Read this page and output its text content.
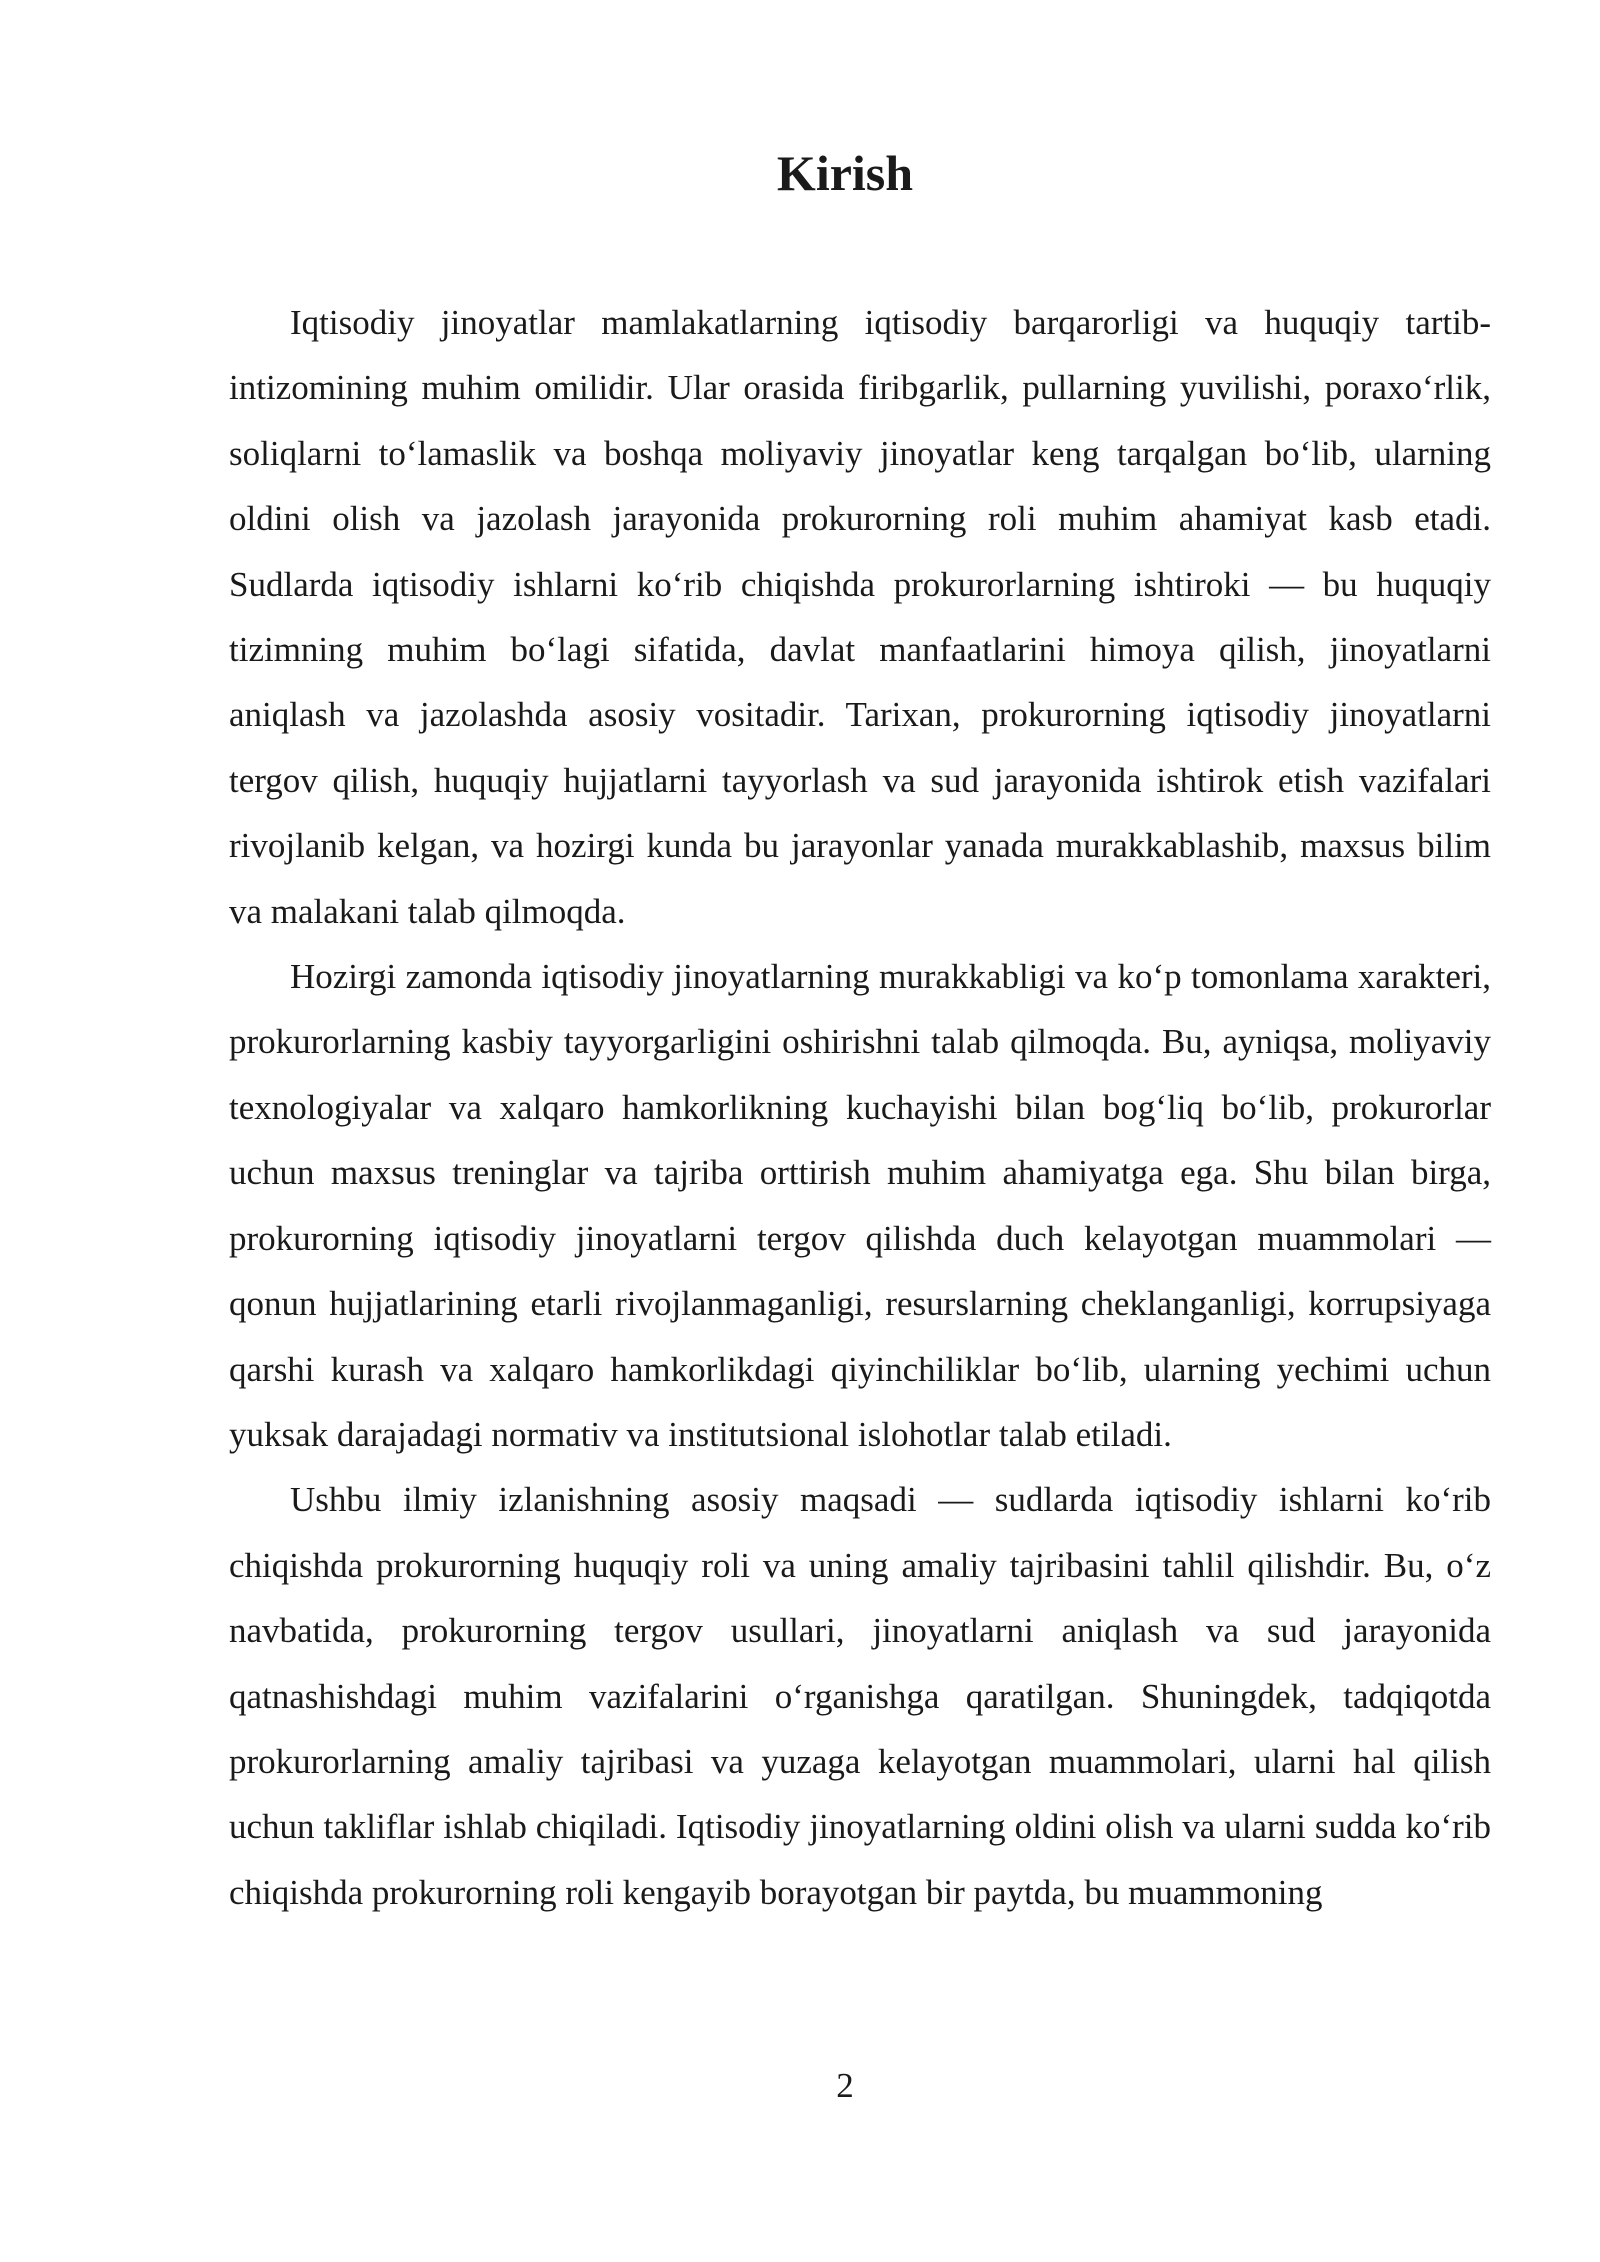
Kirish

Iqtisodiy jinoyatlar mamlakatlarning iqtisodiy barqarorligi va huquqiy tartib-intizomining muhim omilidir. Ular orasida firibgarlik, pullarning yuvilishi, poraxo‘rlik, soliqlarni to‘lamaslik va boshqa moliyaviy jinoyatlar keng tarqalgan bo‘lib, ularning oldini olish va jazolash jarayonida prokurorning roli muhim ahamiyat kasb etadi. Sudlarda iqtisodiy ishlarni ko‘rib chiqishda prokurorlarning ishtiroki — bu huquqiy tizimning muhim bo‘lagi sifatida, davlat manfaatlarini himoya qilish, jinoyatlarni aniqlash va jazolashda asosiy vositadir. Tarixan, prokurorning iqtisodiy jinoyatlarni tergov qilish, huquqiy hujjatlarni tayyorlash va sud jarayonida ishtirok etish vazifalari rivojlanib kelgan, va hozirgi kunda bu jarayonlar yanada murakkablashib, maxsus bilim va malakani talab qilmoqda.

Hozirgi zamonda iqtisodiy jinoyatlarning murakkabligi va ko‘p tomonlama xarakteri, prokurorlarning kasbiy tayyorgarligini oshirishni talab qilmoqda. Bu, ayniqsa, moliyaviy texnologiyalar va xalqaro hamkorlikning kuchayishi bilan bog‘liq bo‘lib, prokurorlar uchun maxsus treninglar va tajriba orttirish muhim ahamiyatga ega. Shu bilan birga, prokurorning iqtisodiy jinoyatlarni tergov qilishda duch kelayotgan muammolari — qonun hujjatlarining etarli rivojlanmaganligi, resurslarning cheklanganligi, korrupsiyaga qarshi kurash va xalqaro hamkorlikdagi qiyinchiliklar bo‘lib, ularning yechimi uchun yuksak darajadagi normativ va institutsional islohotlar talab etiladi.

Ushbu ilmiy izlanishning asosiy maqsadi — sudlarda iqtisodiy ishlarni ko‘rib chiqishda prokurorning huquqiy roli va uning amaliy tajribasini tahlil qilishdir. Bu, o‘z navbatida, prokurorning tergov usullari, jinoyatlarni aniqlash va sud jarayonida qatnashishdagi muhim vazifalarini o‘rganishga qaratilgan. Shuningdek, tadqiqotda prokurorlarning amaliy tajribasi va yuzaga kelayotgan muammolari, ularni hal qilish uchun takliflar ishlab chiqiladi. Iqtisodiy jinoyatlarning oldini olish va ularni sudda ko‘rib chiqishda prokurorning roli kengayib borayotgan bir paytda, bu muammoning

2
